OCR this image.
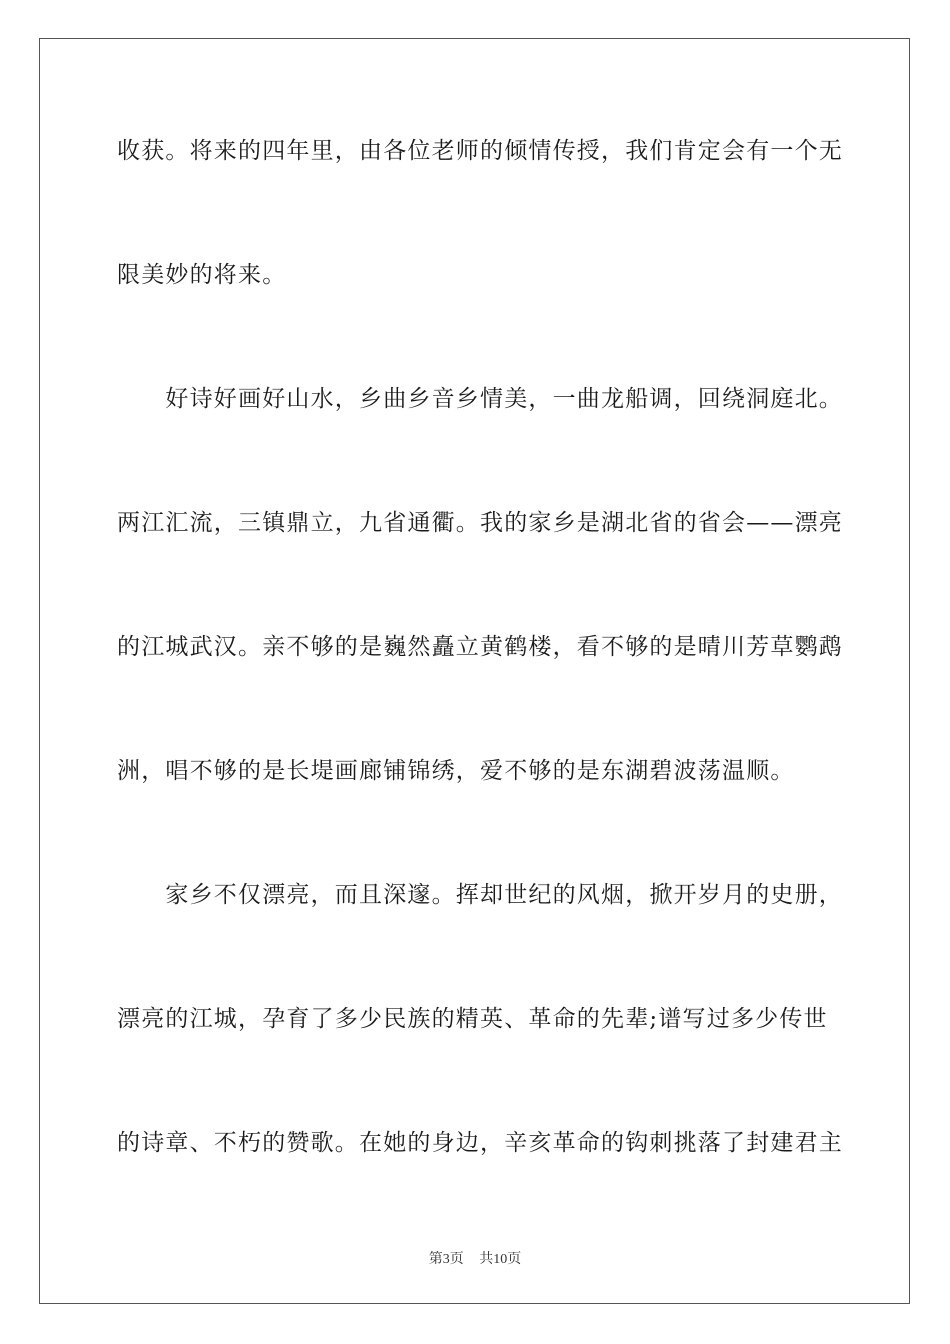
收获。将来的四年里，由各位老师的倾情传授，我们肯定会有一个无
限美妙的将来。
　　好诗好画好山水，乡曲乡音乡情美，一曲龙船调，回绕洞庭北。
两江汇流，三镇鼎立，九省通衢。我的家乡是湖北省的省会——漂亮
的江城武汉。亲不够的是巍然矗立黄鹤楼，看不够的是晴川芳草鹦鹉
洲，唱不够的是长堤画廊铺锦绣，爱不够的是东湖碧波荡温顺。
　　家乡不仅漂亮，而且深邃。挥却世纪的风烟，掀开岁月的史册，
漂亮的江城，孕育了多少民族的精英、革命的先辈;谱写过多少传世
的诗章、不朽的赞歌。在她的身边，辛亥革命的钩刺挑落了封建君主
第3页 共10页
